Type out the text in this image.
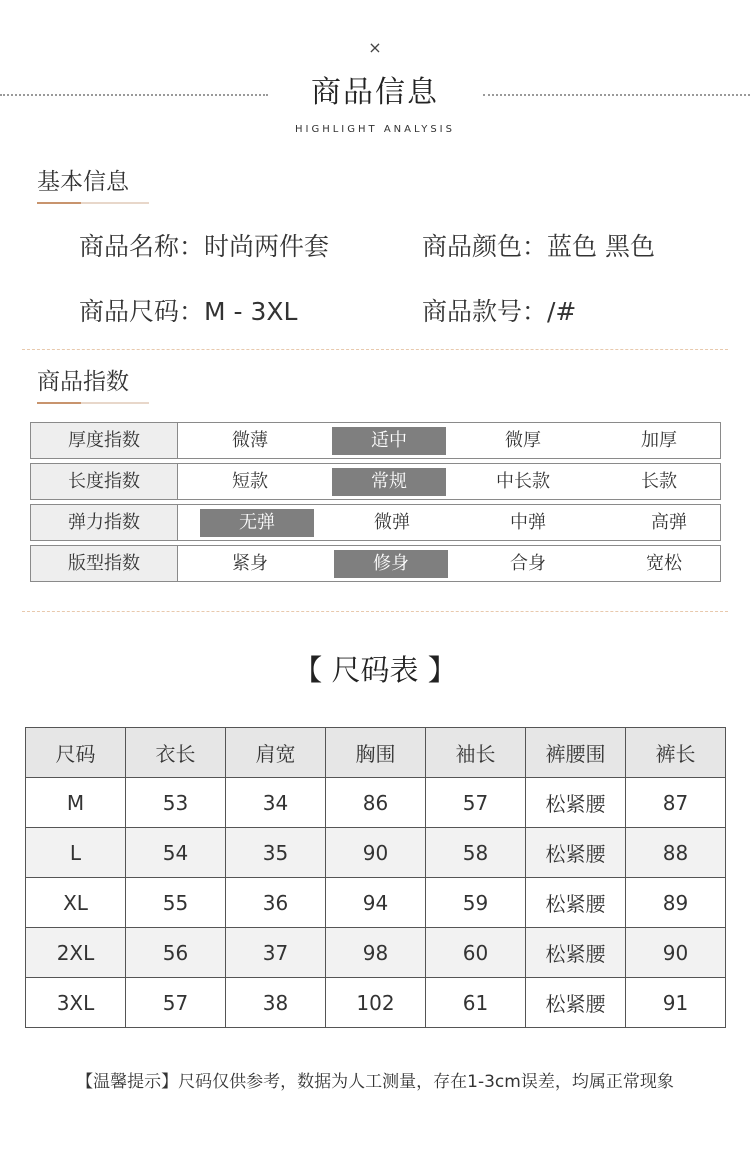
×
商品信息
HIGHLIGHT ANALYSIS
基本信息
商品名称：时尚两件套	商品颜色：蓝色 黑色
商品尺码：M - 3XL	商品款号：/#
商品指数
厚度指数	微薄	适中	微厚	加厚
长度指数	短款	常规	中长款	长款
弹力指数	无弹	微弹	中弹	高弹
版型指数	紧身	修身	合身	宽松
【 尺码表 】
尺码	衣长	肩宽	胸围	袖长	裤腰围	裤长
M	53	34	86	57	松紧腰	87
L	54	35	90	58	松紧腰	88
XL	55	36	94	59	松紧腰	89
2XL	56	37	98	60	松紧腰	90
3XL	57	38	102	61	松紧腰	91
【温馨提示】尺码仅供参考，数据为人工测量，存在1-3cm误差，均属正常现象
